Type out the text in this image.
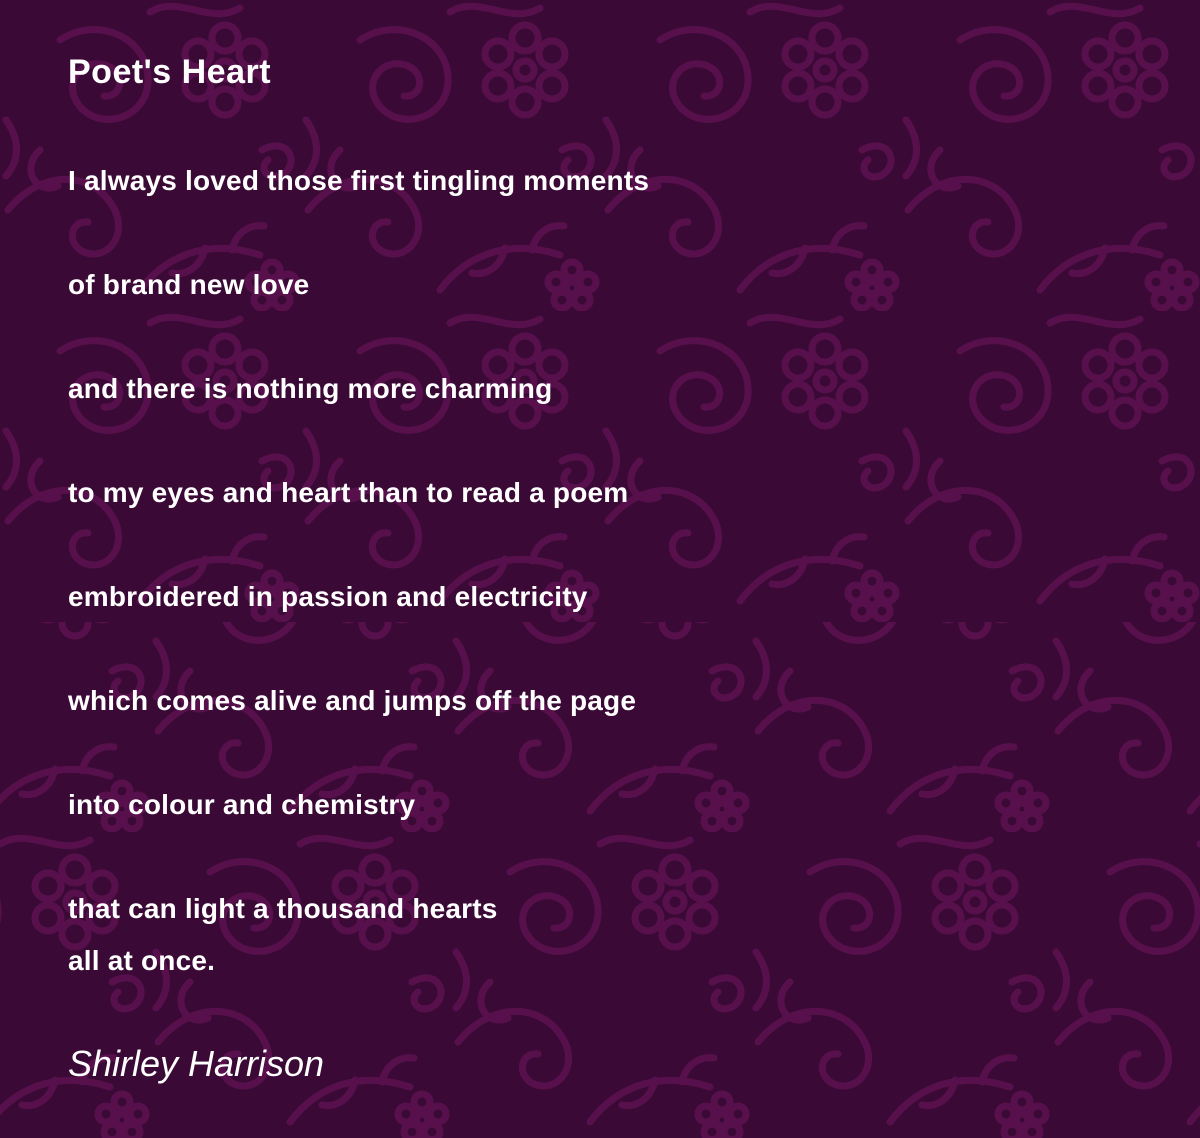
Poet's Heart

I always loved those first tingling moments

of brand new love

and there is nothing more charming

to my eyes and heart than to read a poem

embroidered in passion and electricity

which comes alive and jumps off the page

into colour and chemistry

that can light a thousand hearts

all at once.

Shirley Harrison
